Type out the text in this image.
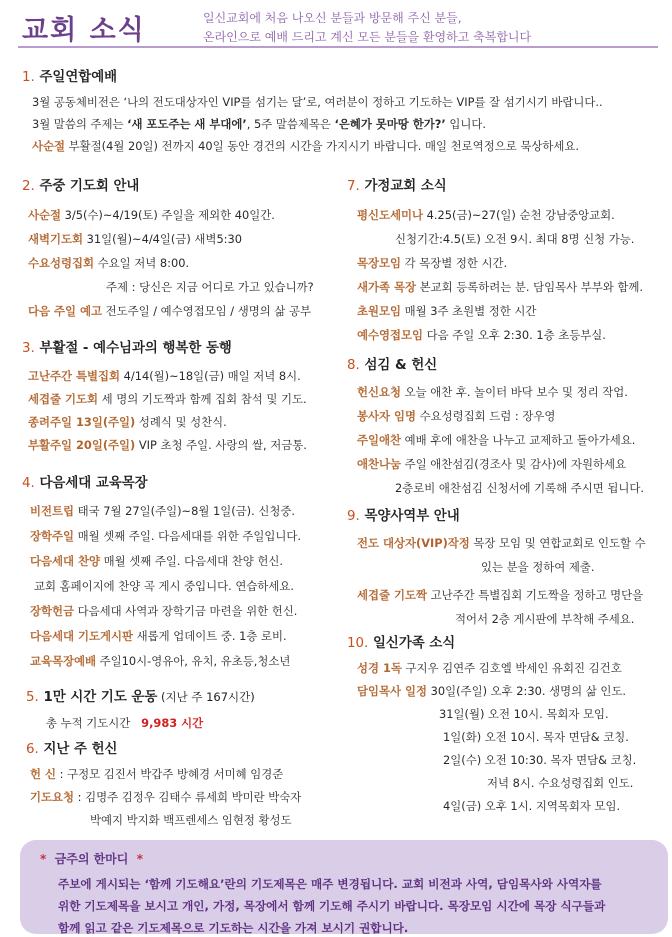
교회 소식	일신교회에 처음 나오신 분들과 방문해 주신 분들,
온라인으로 예배 드리고 계신 모든 분들을 환영하고 축복합니다
1. 주일연합예배
3월 공동체비전은 ‘나의 전도대상자인 VIP를 섬기는 달’로, 여러분이 정하고 기도하는 VIP를 잘 섬기시기 바랍니다..
3월 말씀의 주제는 ‘새 포도주는 새 부대에’, 5주 말씀제목은 ‘은혜가 못마땅 한가?’ 입니다.
사순절 부활절(4월 20일) 전까지 40일 동안 경건의 시간을 가지시기 바랍니다. 매일 천로역정으로 묵상하세요.
2. 주중 기도회 안내
사순절 3/5(수)~4/19(토) 주일을 제외한 40일간.
새벽기도회 31일(월)~4/4일(금) 새벽5:30
수요성령집회 수요일 저녁 8:00.
주제 : 당신은 지금 어디로 가고 있습니까?
다음 주일 예고 전도주일 / 예수영접모임 / 생명의 삶 공부
3. 부활절 - 예수님과의 행복한 동행
고난주간 특별집회 4/14(월)~18일(금) 매일 저녁 8시.
세겹줄 기도회 세 명의 기도짝과 함께 집회 참석 및 기도.
종려주일 13일(주일) 성례식 및 성찬식.
부활주일 20일(주일) VIP 초청 주일. 사랑의 쌀, 저금통.
4. 다음세대 교육목장
비전트립 태국 7월 27일(주일)~8월 1일(금). 신청중.
장학주일 매월 셋째 주일. 다음세대를 위한 주일입니다.
다음세대 찬양 매월 셋째 주일. 다음세대 찬양 헌신.
교회 홈페이지에 찬양 곡 게시 중입니다. 연습하세요.
장학헌금 다음세대 사역과 장학기금 마련을 위한 헌신.
다음세대 기도게시판 새롭게 업데이트 중. 1층 로비.
교육목장예배 주일10시-영유아, 유치, 유초등,청소년
5. 1만 시간 기도 운동 (지난 주 167시간)
총 누적 기도시간 9,983 시간
6. 지난 주 헌신
헌 신 : 구정모 김진서 박갑주 방혜경 서미혜 임경준
기도요청 : 김명주 김정우 김태수 류세희 박미란 박숙자
박예지 박지화 백프렌세스 임현정 황성도
7. 가정교회 소식
평신도세미나 4.25(금)~27(일) 순천 강남중앙교회.
신청기간:4.5(토) 오전 9시. 최대 8명 신청 가능.
목장모임 각 목장별 정한 시간.
새가족 목장 본교회 등록하려는 분. 담임목사 부부와 함께.
초원모임 매월 3주 초원별 정한 시간
예수영접모임 다음 주일 오후 2:30. 1층 초등부실.
8. 섬김 & 헌신
헌신요청 오늘 애찬 후. 놀이터 바닥 보수 및 정리 작업.
봉사자 임명 수요성령집회 드럼 : 장우영
주일애찬 예배 후에 애찬을 나누고 교제하고 돌아가세요.
애찬나눔 주일 애찬섬김(경조사 및 감사)에 자원하세요
2층로비 애찬섬김 신청서에 기록해 주시면 됩니다.
9. 목양사역부 안내
전도 대상자(VIP)작정 목장 모임 및 연합교회로 인도할 수
있는 분을 정하여 제출.
세겹줄 기도짝 고난주간 특별집회 기도짝을 정하고 명단을
적어서 2층 게시판에 부착해 주세요.
10. 일신가족 소식
성경 1독 구지우 김연주 김호엘 박세인 유회진 김건호
담임목사 일정 30일(주일) 오후 2:30. 생명의 삶 인도.
31일(월) 오전 10시. 목회자 모임.
1일(화) 오전 10시. 목자 면담& 코칭.
2일(수) 오전 10:30. 목자 면담& 코칭.
저녁 8시. 수요성령집회 인도.
4일(금) 오후 1시. 지역목회자 모임.
* 금주의 한마디 *
주보에 게시되는 ‘함께 기도해요’란의 기도제목은 매주 변경됩니다. 교회 비전과 사역, 담임목사와 사역자를
위한 기도제목을 보시고 개인, 가정, 목장에서 함께 기도해 주시기 바랍니다. 목장모임 시간에 목장 식구들과
함께 읽고 같은 기도제목으로 기도하는 시간을 가져 보시기 권합니다.
